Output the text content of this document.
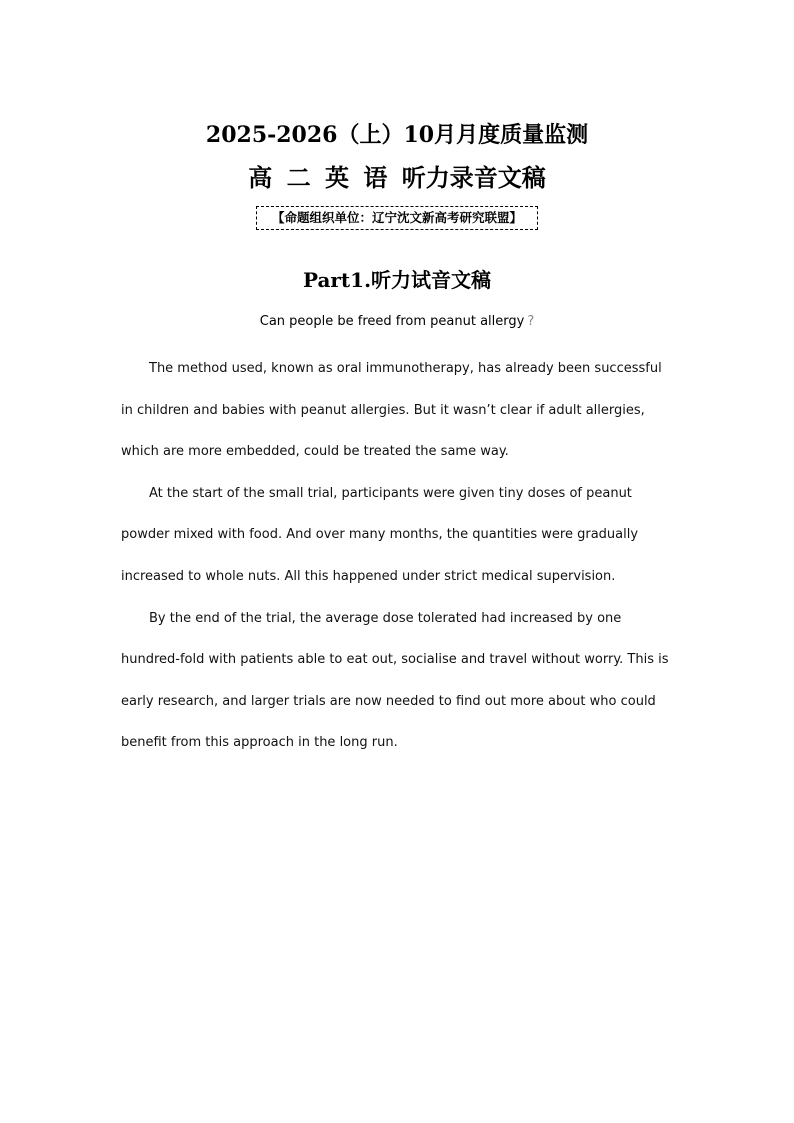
2025-2026（上）10月月度质量监测
高 二 英 语 听力录音文稿
【命题组织单位：辽宁沈文新高考研究联盟】
Part1.听力试音文稿
Can people be freed from peanut allergy ?

The method used, known as oral immunotherapy, has already been successful in children and babies with peanut allergies. But it wasn’t clear if adult allergies, which are more embedded, could be treated the same way.

At the start of the small trial, participants were given tiny doses of peanut powder mixed with food. And over many months, the quantities were gradually increased to whole nuts. All this happened under strict medical supervision.

By the end of the trial, the average dose tolerated had increased by one hundred-fold with patients able to eat out, socialise and travel without worry. This is early research, and larger trials are now needed to find out more about who could benefit from this approach in the long run.
